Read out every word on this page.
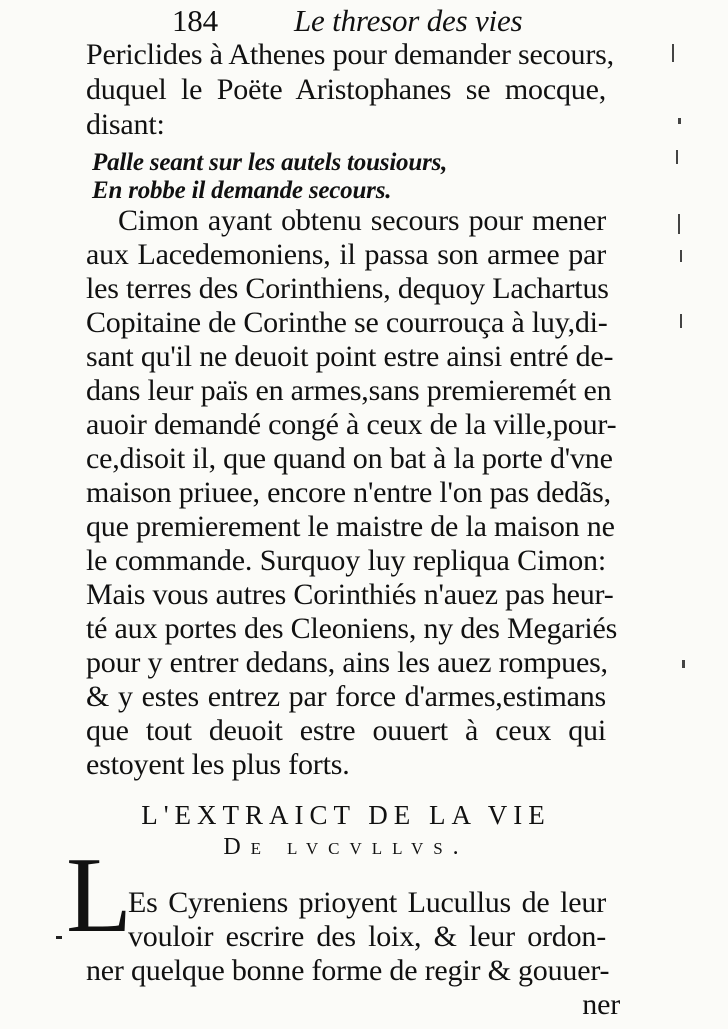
184 Le thresor des vies
Periclides à Athenes pour demander secours,
duquel le Poëte Aristophanes se mocque,
disant:
Palle seant sur les autels tousiours,
En robbe il demande secours.
Cimon ayant obtenu secours pour mener
aux Lacedemoniens, il passa son armee par
les terres des Corinthiens, dequoy Lachartus
Copitaine de Corinthe se courrouça à luy,di-
sant qu'il ne deuoit point estre ainsi entré de-
dans leur païs en armes,sans premieremét en
auoir demandé congé à ceux de la ville,pour-
ce,disoit il, que quand on bat à la porte d'vne
maison priuee, encore n'entre l'on pas dedãs,
que premierement le maistre de la maison ne
le commande. Surquoy luy repliqua Cimon:
Mais vous autres Corinthiés n'auez pas heur-
té aux portes des Cleoniens, ny des Megariés
pour y entrer dedans, ains les auez rompues,
& y estes entrez par force d'armes,estimans
que tout deuoit estre ouuert à ceux qui
estoyent les plus forts.
L'EXTRAICT DE LA VIE
De lvcvllvs.
L
Es Cyreniens prioyent Lucullus de leur
vouloir escrire des loix, & leur ordon-
ner quelque bonne forme de regir & gouuer-
ner
